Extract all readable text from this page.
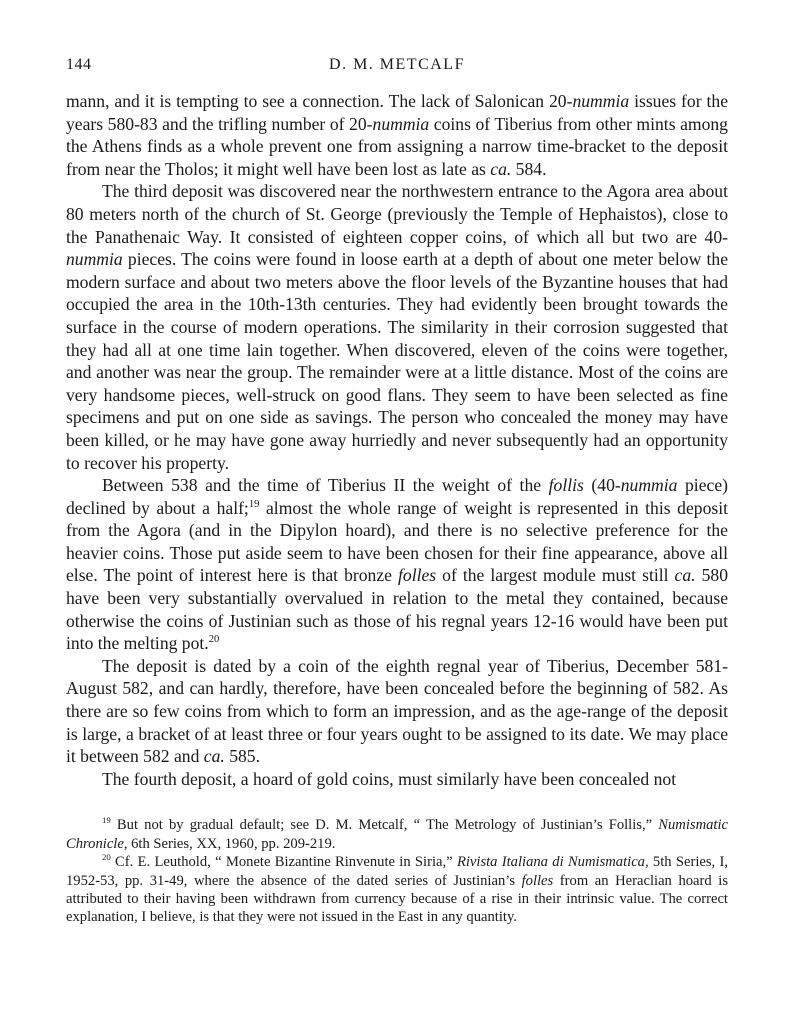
144	D. M. METCALF

mann, and it is tempting to see a connection. The lack of Salonican 20-nummia issues for the years 580-83 and the trifling number of 20-nummia coins of Tiberius from other mints among the Athens finds as a whole prevent one from assigning a narrow time-bracket to the deposit from near the Tholos; it might well have been lost as late as ca. 584.

The third deposit was discovered near the northwestern entrance to the Agora area about 80 meters north of the church of St. George (previously the Temple of Hephaistos), close to the Panathenaic Way. It consisted of eighteen copper coins, of which all but two are 40-nummia pieces. The coins were found in loose earth at a depth of about one meter below the modern surface and about two meters above the floor levels of the Byzantine houses that had occupied the area in the 10th-13th centuries. They had evidently been brought towards the surface in the course of modern operations. The similarity in their corrosion suggested that they had all at one time lain together. When discovered, eleven of the coins were together, and another was near the group. The remainder were at a little distance. Most of the coins are very handsome pieces, well-struck on good flans. They seem to have been selected as fine specimens and put on one side as savings. The person who concealed the money may have been killed, or he may have gone away hurriedly and never subsequently had an opportunity to recover his property.

Between 538 and the time of Tiberius II the weight of the follis (40-nummia piece) declined by about a half;$^{19}$ almost the whole range of weight is represented in this deposit from the Agora (and in the Dipylon hoard), and there is no selective preference for the heavier coins. Those put aside seem to have been chosen for their fine appearance, above all else. The point of interest here is that bronze folles of the largest module must still ca. 580 have been very substantially overvalued in relation to the metal they contained, because otherwise the coins of Justinian such as those of his regnal years 12-16 would have been put into the melting pot.$^{20}$

The deposit is dated by a coin of the eighth regnal year of Tiberius, December 581-August 582, and can hardly, therefore, have been concealed before the beginning of 582. As there are so few coins from which to form an impression, and as the age-range of the deposit is large, a bracket of at least three or four years ought to be assigned to its date. We may place it between 582 and ca. 585.

The fourth deposit, a hoard of gold coins, must similarly have been concealed not

$^{19}$ But not by gradual default; see D. M. Metcalf, “ The Metrology of Justinian’s Follis,” Numismatic Chronicle, 6th Series, XX, 1960, pp. 209-219.

$^{20}$ Cf. E. Leuthold, “ Monete Bizantine Rinvenute in Siria,” Rivista Italiana di Numismatica, 5th Series, I, 1952-53, pp. 31-49, where the absence of the dated series of Justinian’s folles from an Heraclian hoard is attributed to their having been withdrawn from currency because of a rise in their intrinsic value. The correct explanation, I believe, is that they were not issued in the East in any quantity.
